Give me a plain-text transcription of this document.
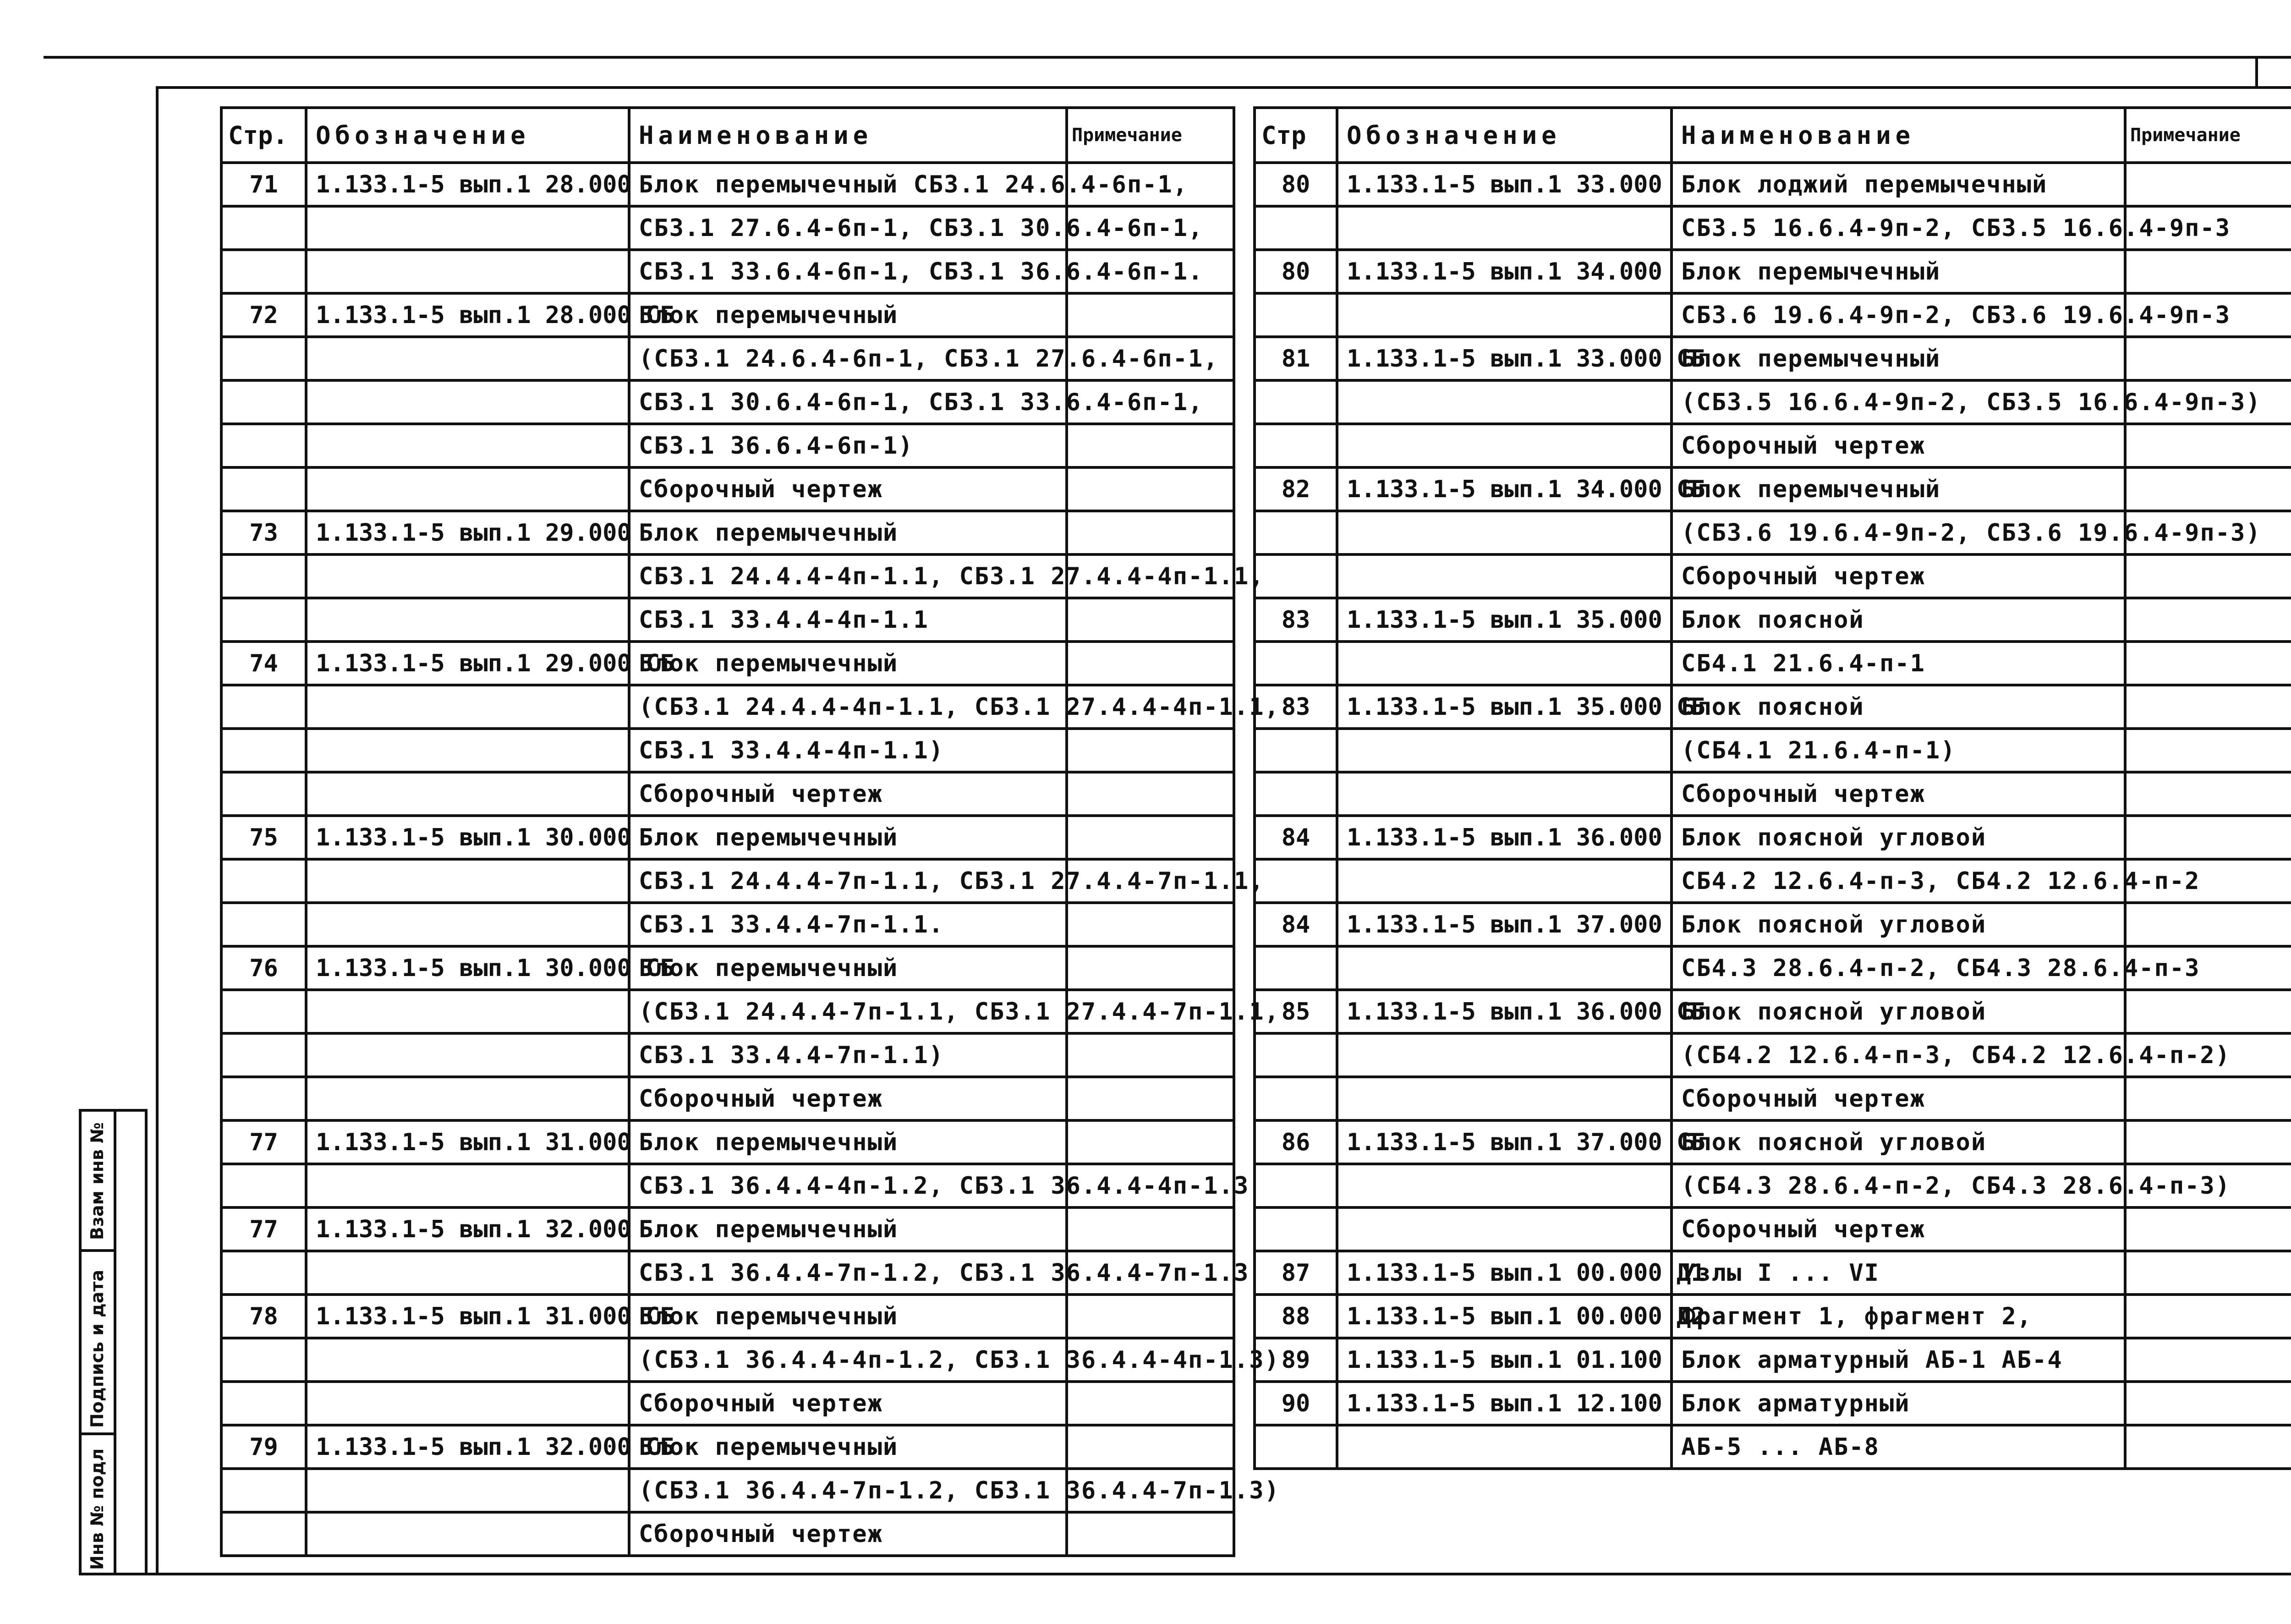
Взам инв №
Подпись и дата
Инв № подл
Стр.	Обозначение	Наименование	Примечание
71	1.133.1-5 вып.1 28.000	Блок перемычечный СБ3.1 24.6.4-6п-1,	
		СБ3.1 27.6.4-6п-1, СБ3.1 30.6.4-6п-1,	
		СБ3.1 33.6.4-6п-1, СБ3.1 36.6.4-6п-1.	
72	1.133.1-5 вып.1 28.000 СБ	Блок перемычечный	
		(СБ3.1 24.6.4-6п-1, СБ3.1 27.6.4-6п-1,	
		СБ3.1 30.6.4-6п-1, СБ3.1 33.6.4-6п-1,	
		СБ3.1 36.6.4-6п-1)	
		Сборочный чертеж	
73	1.133.1-5 вып.1 29.000	Блок перемычечный	
		СБ3.1 24.4.4-4п-1.1, СБ3.1 27.4.4-4п-1.1,	
		СБ3.1 33.4.4-4п-1.1	
74	1.133.1-5 вып.1 29.000 СБ	Блок перемычечный	
		(СБ3.1 24.4.4-4п-1.1, СБ3.1 27.4.4-4п-1.1,	
		СБ3.1 33.4.4-4п-1.1)	
		Сборочный чертеж	
75	1.133.1-5 вып.1 30.000	Блок перемычечный	
		СБ3.1 24.4.4-7п-1.1, СБ3.1 27.4.4-7п-1.1,	
		СБ3.1 33.4.4-7п-1.1.	
76	1.133.1-5 вып.1 30.000 СБ	Блок перемычечный	
		(СБ3.1 24.4.4-7п-1.1, СБ3.1 27.4.4-7п-1.1,	
		СБ3.1 33.4.4-7п-1.1)	
		Сборочный чертеж	
77	1.133.1-5 вып.1 31.000	Блок перемычечный	
		СБ3.1 36.4.4-4п-1.2, СБ3.1 36.4.4-4п-1.3	
77	1.133.1-5 вып.1 32.000	Блок перемычечный	
		СБ3.1 36.4.4-7п-1.2, СБ3.1 36.4.4-7п-1.3	
78	1.133.1-5 вып.1 31.000 СБ	Блок перемычечный	
		(СБ3.1 36.4.4-4п-1.2, СБ3.1 36.4.4-4п-1.3)	
		Сборочный чертеж	
79	1.133.1-5 вып.1 32.000 СБ	Блок перемычечный	
		(СБ3.1 36.4.4-7п-1.2, СБ3.1 36.4.4-7п-1.3)	
		Сборочный чертеж	
Стр	Обозначение	Наименование	Примечание
80	1.133.1-5 вып.1 33.000	Блок лоджий перемычечный	
		СБ3.5 16.6.4-9п-2, СБ3.5 16.6.4-9п-3	
80	1.133.1-5 вып.1 34.000	Блок перемычечный	
		СБ3.6 19.6.4-9п-2, СБ3.6 19.6.4-9п-3	
81	1.133.1-5 вып.1 33.000 СБ	Блок перемычечный	
		(СБ3.5 16.6.4-9п-2, СБ3.5 16.6.4-9п-3)	
		Сборочный чертеж	
82	1.133.1-5 вып.1 34.000 СБ	Блок перемычечный	
		(СБ3.6 19.6.4-9п-2, СБ3.6 19.6.4-9п-3)	
		Сборочный чертеж	
83	1.133.1-5 вып.1 35.000	Блок поясной	
		СБ4.1 21.6.4-п-1	
83	1.133.1-5 вып.1 35.000 СБ	Блок поясной	
		(СБ4.1 21.6.4-п-1)	
		Сборочный чертеж	
84	1.133.1-5 вып.1 36.000	Блок поясной угловой	
		СБ4.2 12.6.4-п-3, СБ4.2 12.6.4-п-2	
84	1.133.1-5 вып.1 37.000	Блок поясной угловой	
		СБ4.3 28.6.4-п-2, СБ4.3 28.6.4-п-3	
85	1.133.1-5 вып.1 36.000 СБ	Блок поясной угловой	
		(СБ4.2 12.6.4-п-3, СБ4.2 12.6.4-п-2)	
		Сборочный чертеж	
86	1.133.1-5 вып.1 37.000 СБ	Блок поясной угловой	
		(СБ4.3 28.6.4-п-2, СБ4.3 28.6.4-п-3)	
		Сборочный чертеж	
87	1.133.1-5 вып.1 00.000 Д1	Узлы I ... VI	
88	1.133.1-5 вып.1 00.000 Д2	Фрагмент 1, фрагмент 2,	
89	1.133.1-5 вып.1 01.100	Блок арматурный АБ-1 АБ-4	
90	1.133.1-5 вып.1 12.100	Блок арматурный	
		АБ-5 ... АБ-8	
